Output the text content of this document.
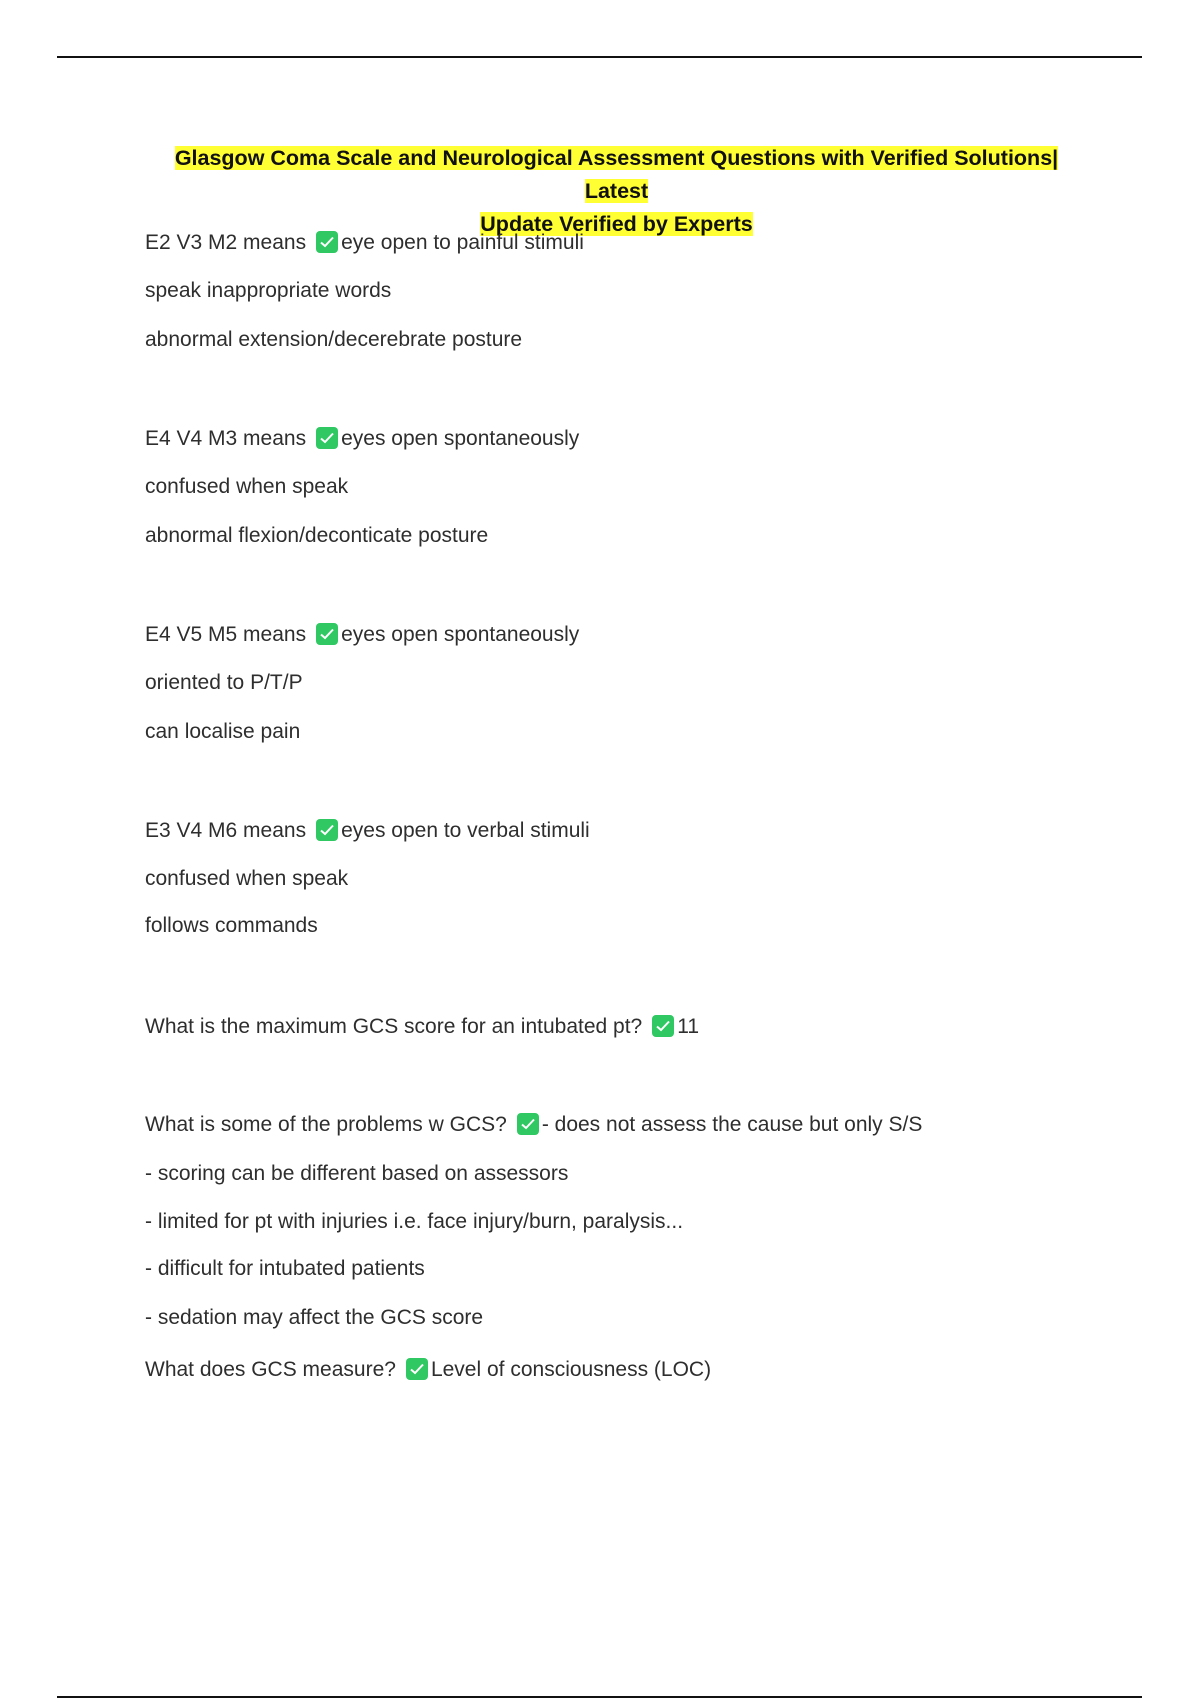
Glasgow Coma Scale and Neurological Assessment Questions with Verified Solutions| Latest
Update Verified by Experts
E2 V3 M2 means eye open to painful stimuli
speak inappropriate words
abnormal extension/decerebrate posture
E4 V4 M3 means eyes open spontaneously
confused when speak
abnormal flexion/deconticate posture
E4 V5 M5 means eyes open spontaneously
oriented to P/T/P
can localise pain
E3 V4 M6 means eyes open to verbal stimuli
confused when speak
follows commands
What is the maximum GCS score for an intubated pt? 11
What is some of the problems w GCS? - does not assess the cause but only S/S
- scoring can be different based on assessors
- limited for pt with injuries i.e. face injury/burn, paralysis...
- difficult for intubated patients
- sedation may affect the GCS score
What does GCS measure? Level of consciousness (LOC)
